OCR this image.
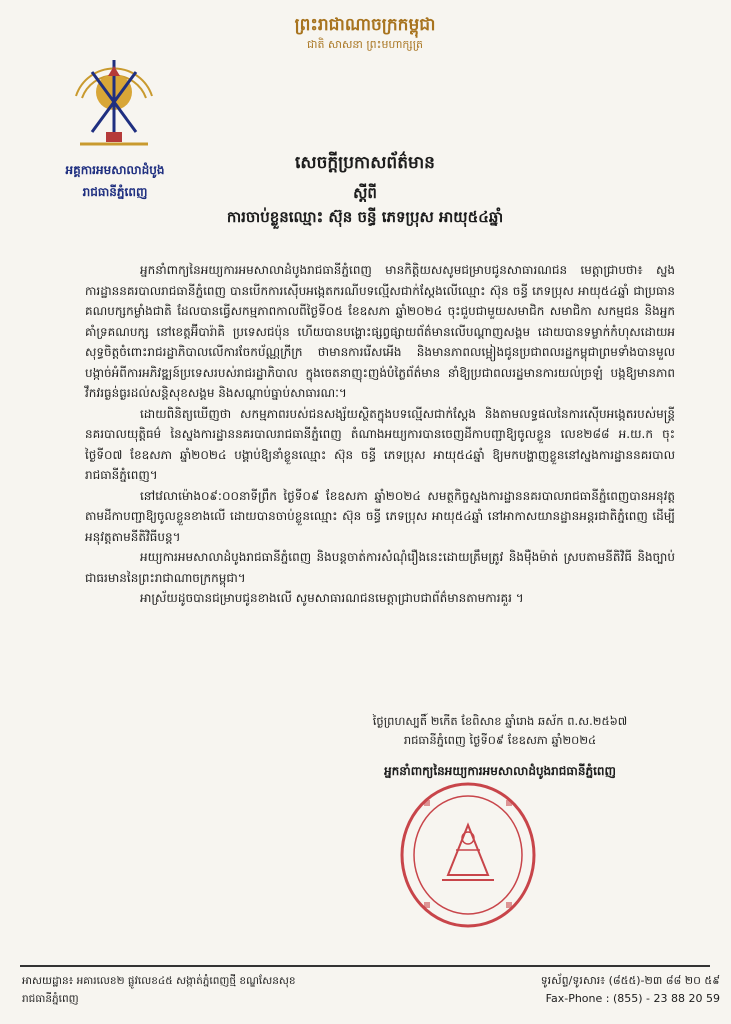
ព្រះរាជាណាចក្រកម្ពុជា
ជាតិ សាសនា ព្រះមហាក្សត្រ
អគ្គការអមសាលាដំបូង
រាជធានីភ្នំពេញ
សេចក្តីប្រកាសព័ត៌មាន
ស្តីពី
ការចាប់ខ្លួនឈ្មោះ ស៊ុន ចន្ធី ភេទប្រុស អាយុ៥៤ឆ្នាំ

អ្នកនាំពាក្យនៃអយ្យការអមសាលាដំបូងរាជធានីភ្នំពេញ មានកិត្តិយសសូមជម្រាបជូនសាធារណជន មេត្តាជ្រាបថា៖ ស្នងការដ្ឋាននគរបាលរាជធានីភ្នំពេញ បានបើកការស៊ើបអង្កេតករណីបទល្មើសជាក់ស្តែងលើឈ្មោះ ស៊ុន ចន្ធី ភេទប្រុស អាយុ៥៤ឆ្នាំ ជាប្រធានគណបក្សកម្លាំងជាតិ ដែលបានធ្វើសកម្មភាពកាលពីថ្ងៃទី០៥ ខែឧសភា ឆ្នាំ២០២៤ ចុះជួបជាមួយសមាជិក សមាជិកា សកម្មជន និងអ្នកគាំទ្រគណបក្ស នៅខេត្តអ៊ីបារ៉ាគិ ប្រទេសជប៉ុន ហើយបានបង្ហោះផ្សព្វផ្សាយព័ត៌មានលើបណ្តាញសង្គម ដោយបានទម្លាក់កំហុសដោយអសុទ្ធចិត្តចំពោះរាជរដ្ឋាភិបាលលើការចែកប័ណ្ណក្រីក្រ ថាមានការរើសអើង និងមានភាពលម្អៀងជូនប្រជាពលរដ្ឋកម្ពុជាព្រមទាំងបានមួលបង្កាច់អំពីការអភិវឌ្ឍន៍ប្រទេសរបស់រាជរដ្ឋាភិបាល ក្នុងចេតនាញុះញង់បំភ្លៃព័ត៌មាន នាំឱ្យប្រជាពលរដ្ឋមានការយល់ច្រឡំ បង្កឱ្យមានភាពវឹកវរធ្ងន់ធ្ងរដល់សន្តិសុខសង្គម និងសណ្តាប់ធ្នាប់សាធារណៈ។

ដោយពិនិត្យឃើញថា សកម្មភាពរបស់ជនសង្ស័យស្ថិតក្នុងបទល្មើសជាក់ស្តែង និងតាមលទ្ធផលនៃការស៊ើបអង្កេតរបស់មន្រ្តីនគរបាលយុត្តិធម៌ នៃស្នងការដ្ឋាននគរបាលរាជធានីភ្នំពេញ តំណាងអយ្យការបានចេញដីកាបញ្ជាឱ្យចូលខ្លួន លេខ២៨៨ អ.យ.ក ចុះថ្ងៃទី០៧ ខែឧសភា ឆ្នាំ២០២៤ បង្គាប់ឱ្យនាំខ្លួនឈ្មោះ ស៊ុន ចន្ធី ភេទប្រុស អាយុ៥៤ឆ្នាំ ឱ្យមកបង្ហាញខ្លួននៅស្នងការដ្ឋាននគរបាលរាជធានីភ្នំពេញ។

នៅវេលាម៉ោង០៩:០០នាទីព្រឹក ថ្ងៃទី០៩ ខែឧសភា ឆ្នាំ២០២៤ សមត្ថកិច្ចស្នងការដ្ឋាននគរបាលរាជធានីភ្នំពេញបានអនុវត្តតាមដីកាបញ្ជាឱ្យចូលខ្លួនខាងលើ ដោយបានចាប់ខ្លួនឈ្មោះ ស៊ុន ចន្ធី ភេទប្រុស អាយុ៥៤ឆ្នាំ នៅអាកាសយានដ្ឋានអន្តរជាតិភ្នំពេញ ដើម្បីអនុវត្តតាមនីតិវិធីបន្ត។

អយ្យការអមសាលាដំបូងរាជធានីភ្នំពេញ និងបន្តចាត់ការសំណុំរឿងនេះដោយត្រឹមត្រូវ និងម៉ឺងម៉ាត់ ស្របតាមនីតិវិធី និងច្បាប់ជាធរមាននៃព្រះរាជាណាចក្រកម្ពុជា។

អាស្រ័យដូចបានជម្រាបជូនខាងលើ សូមសាធារណជនមេត្តាជ្រាបជាព័ត៌មានតាមការគួរ ។

ថ្ងៃព្រហស្បតិ៍ ២កើត ខែពិសាខ ឆ្នាំរោង ឆស័ក ព.ស.២៥៦៧
រាជធានីភ្នំពេញ ថ្ងៃទី០៩ ខែឧសភា ឆ្នាំ២០២៤
អ្នកនាំពាក្យនៃអយ្យការអមសាលាដំបូងរាជធានីភ្នំពេញ
អាសយដ្ឋាន៖ អគារលេខ២ ផ្លូវលេខ៤៥ សង្កាត់ភ្នំពេញថ្មី ខណ្ឌសែនសុខ
រាជធានីភ្នំពេញ
ទូរស័ព្ទ/ទូរសារ៖ (៨៥៥)-២៣ ៨៨ ២០ ៥៩
Fax-Phone : (855) - 23 88 20 59
